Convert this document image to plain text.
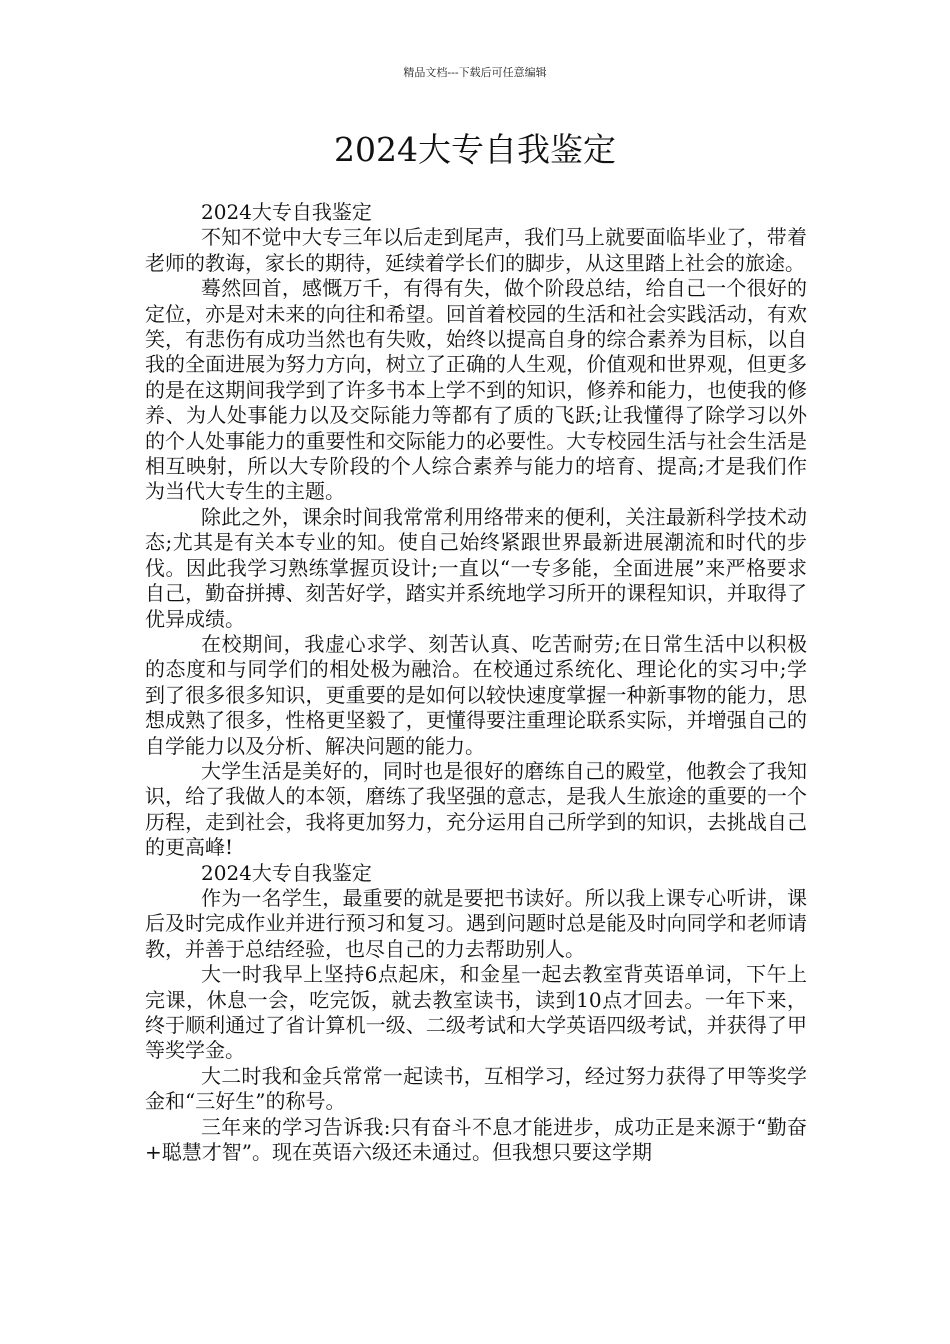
精品文档---下载后可任意编辑
2024大专自我鉴定

2024大专自我鉴定

不知不觉中大专三年以后走到尾声，我们马上就要面临毕业了，带着老师的教诲，家长的期待，延续着学长们的脚步，从这里踏上社会的旅途。

蓦然回首，感慨万千，有得有失，做个阶段总结，给自己一个很好的定位，亦是对未来的向往和希望。回首着校园的生活和社会实践活动，有欢笑，有悲伤有成功当然也有失败，始终以提高自身的综合素养为目标，以自我的全面进展为努力方向，树立了正确的人生观，价值观和世界观，但更多的是在这期间我学到了许多书本上学不到的知识，修养和能力，也使我的修养、为人处事能力以及交际能力等都有了质的飞跃;让我懂得了除学习以外的个人处事能力的重要性和交际能力的必要性。大专校园生活与社会生活是相互映射，所以大专阶段的个人综合素养与能力的培育、提高;才是我们作为当代大专生的主题。

除此之外，课余时间我常常利用络带来的便利，关注最新科学技术动态;尤其是有关本专业的知。使自己始终紧跟世界最新进展潮流和时代的步伐。因此我学习熟练掌握页设计;一直以“一专多能，全面进展”来严格要求自己，勤奋拼搏、刻苦好学，踏实并系统地学习所开的课程知识，并取得了优异成绩。

在校期间，我虚心求学、刻苦认真、吃苦耐劳;在日常生活中以积极的态度和与同学们的相处极为融洽。在校通过系统化、理论化的实习中;学到了很多很多知识，更重要的是如何以较快速度掌握一种新事物的能力，思想成熟了很多，性格更坚毅了，更懂得要注重理论联系实际，并增强自己的自学能力以及分析、解决问题的能力。

大学生活是美好的，同时也是很好的磨练自己的殿堂，他教会了我知识，给了我做人的本领，磨练了我坚强的意志，是我人生旅途的重要的一个历程，走到社会，我将更加努力，充分运用自己所学到的知识，去挑战自己的更高峰!

2024大专自我鉴定

作为一名学生，最重要的就是要把书读好。所以我上课专心听讲，课后及时完成作业并进行预习和复习。遇到问题时总是能及时向同学和老师请教，并善于总结经验，也尽自己的力去帮助别人。

大一时我早上坚持6点起床，和金星一起去教室背英语单词，下午上完课，休息一会，吃完饭，就去教室读书，读到10点才回去。一年下来，终于顺利通过了省计算机一级、二级考试和大学英语四级考试，并获得了甲等奖学金。

大二时我和金兵常常一起读书，互相学习，经过努力获得了甲等奖学金和“三好生”的称号。

三年来的学习告诉我:只有奋斗不息才能进步，成功正是来源于“勤奋+聪慧才智”。现在英语六级还未通过。但我想只要这学期
